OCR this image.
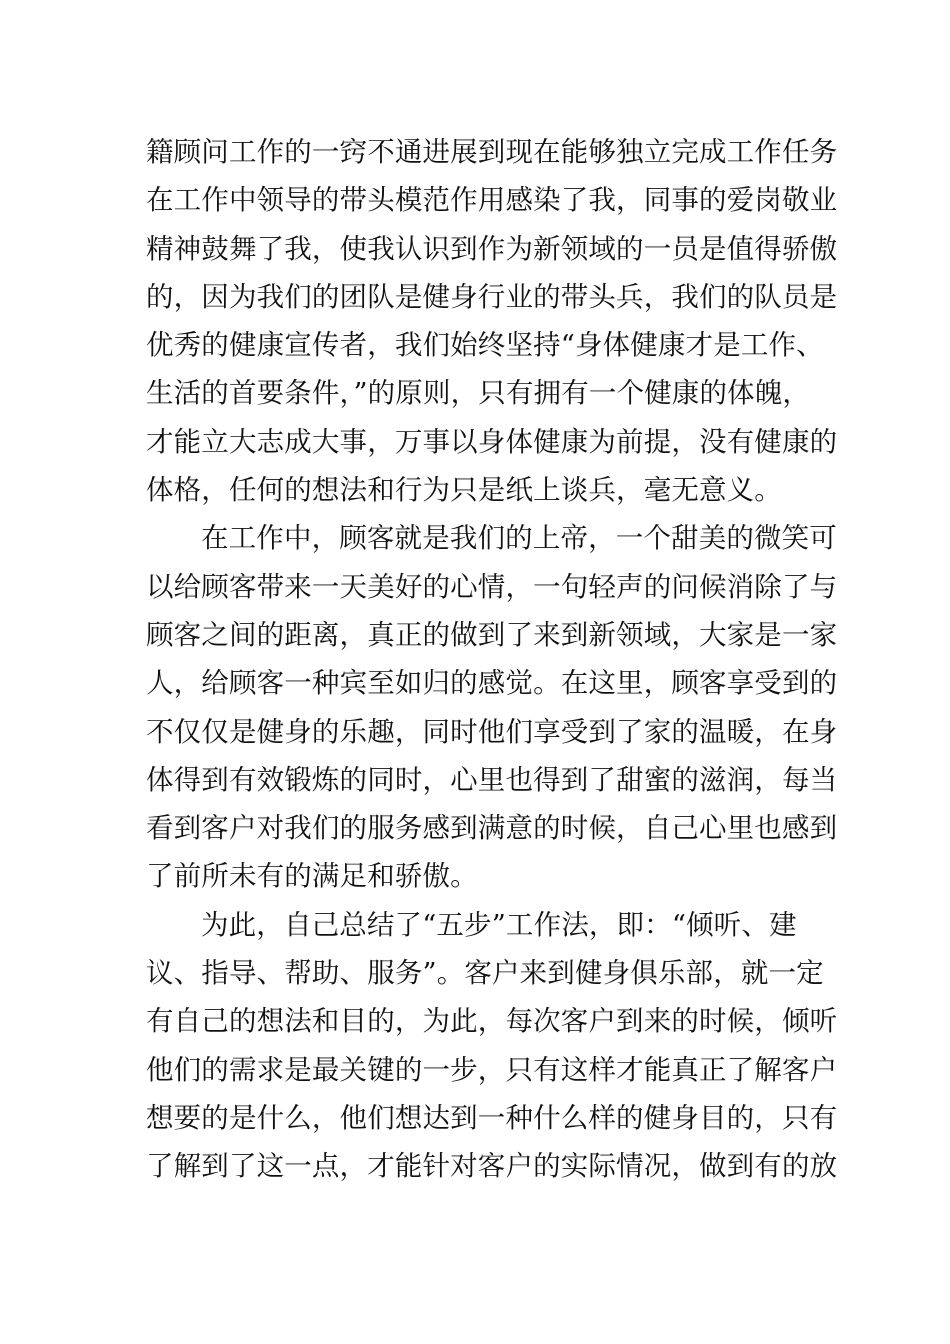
籍顾问工作的一窍不通进展到现在能够独立完成工作任务
在工作中领导的带头模范作用感染了我，同事的爱岗敬业
精神鼓舞了我，使我认识到作为新领域的一员是值得骄傲
的，因为我们的团队是健身行业的带头兵，我们的队员是
优秀的健康宣传者，我们始终坚持“身体健康才是工作、
生活的首要条件，”的原则，只有拥有一个健康的体魄，
才能立大志成大事，万事以身体健康为前提，没有健康的
体格，任何的想法和行为只是纸上谈兵，毫无意义。
在工作中，顾客就是我们的上帝，一个甜美的微笑可
以给顾客带来一天美好的心情，一句轻声的问候消除了与
顾客之间的距离，真正的做到了来到新领域，大家是一家
人，给顾客一种宾至如归的感觉。在这里，顾客享受到的
不仅仅是健身的乐趣，同时他们享受到了家的温暖，在身
体得到有效锻炼的同时，心里也得到了甜蜜的滋润，每当
看到客户对我们的服务感到满意的时候，自己心里也感到
了前所未有的满足和骄傲。
为此，自己总结了“五步”工作法，即：“倾听、建
议、指导、帮助、服务”。客户来到健身俱乐部，就一定
有自己的想法和目的，为此，每次客户到来的时候，倾听
他们的需求是最关键的一步，只有这样才能真正了解客户
想要的是什么，他们想达到一种什么样的健身目的，只有
了解到了这一点，才能针对客户的实际情况，做到有的放
